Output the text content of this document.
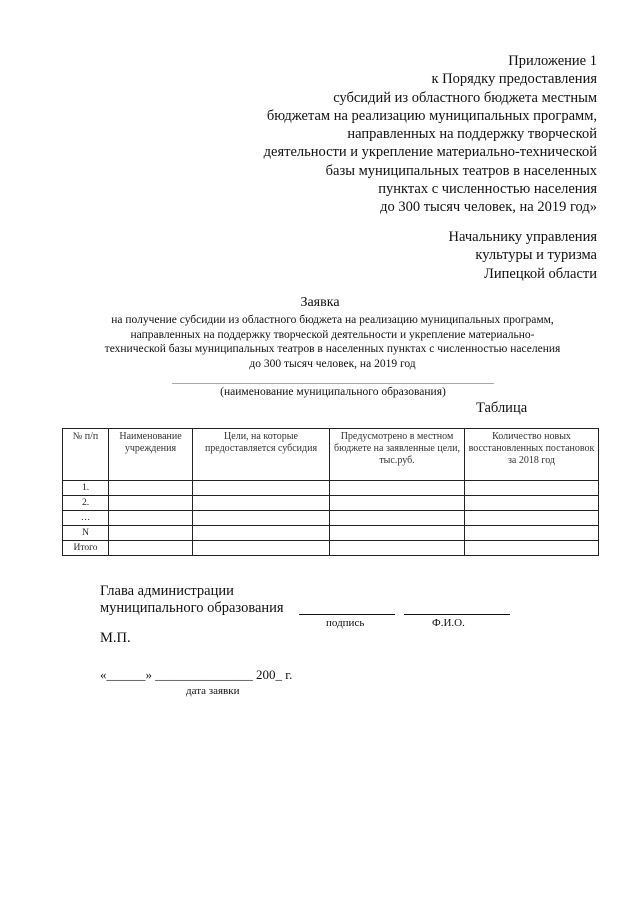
Приложение 1
к Порядку предоставления
субсидий из областного бюджета местным
бюджетам на реализацию муниципальных программ,
направленных на поддержку творческой
деятельности и укрепление материально-технической
базы муниципальных театров в населенных
пунктах с численностью населения
до 300 тысяч человек, на 2019 год»
Начальнику управления
культуры и туризма
Липецкой области
Заявка
на получение субсидии из областного бюджета на реализацию муниципальных программ,
направленных на поддержку творческой деятельности и укрепление материально-
технической базы муниципальных театров в населенных пунктах с численностью населения
до 300 тысяч человек, на 2019 год
(наименование муниципального образования)
Таблица
№ п/п	Наименование учреждения	Цели, на которые предоставляется субсидия	Предусмотрено в местном бюджете на заявленные цели, тыс.руб.	Количество новых восстановленных постановок за 2018 год
1.				
2.				
…				
N				
Итого				
Глава администрации
муниципального образования
подпись	Ф.И.О.
М.П.
«______» _______________ 200_ г.
дата заявки
